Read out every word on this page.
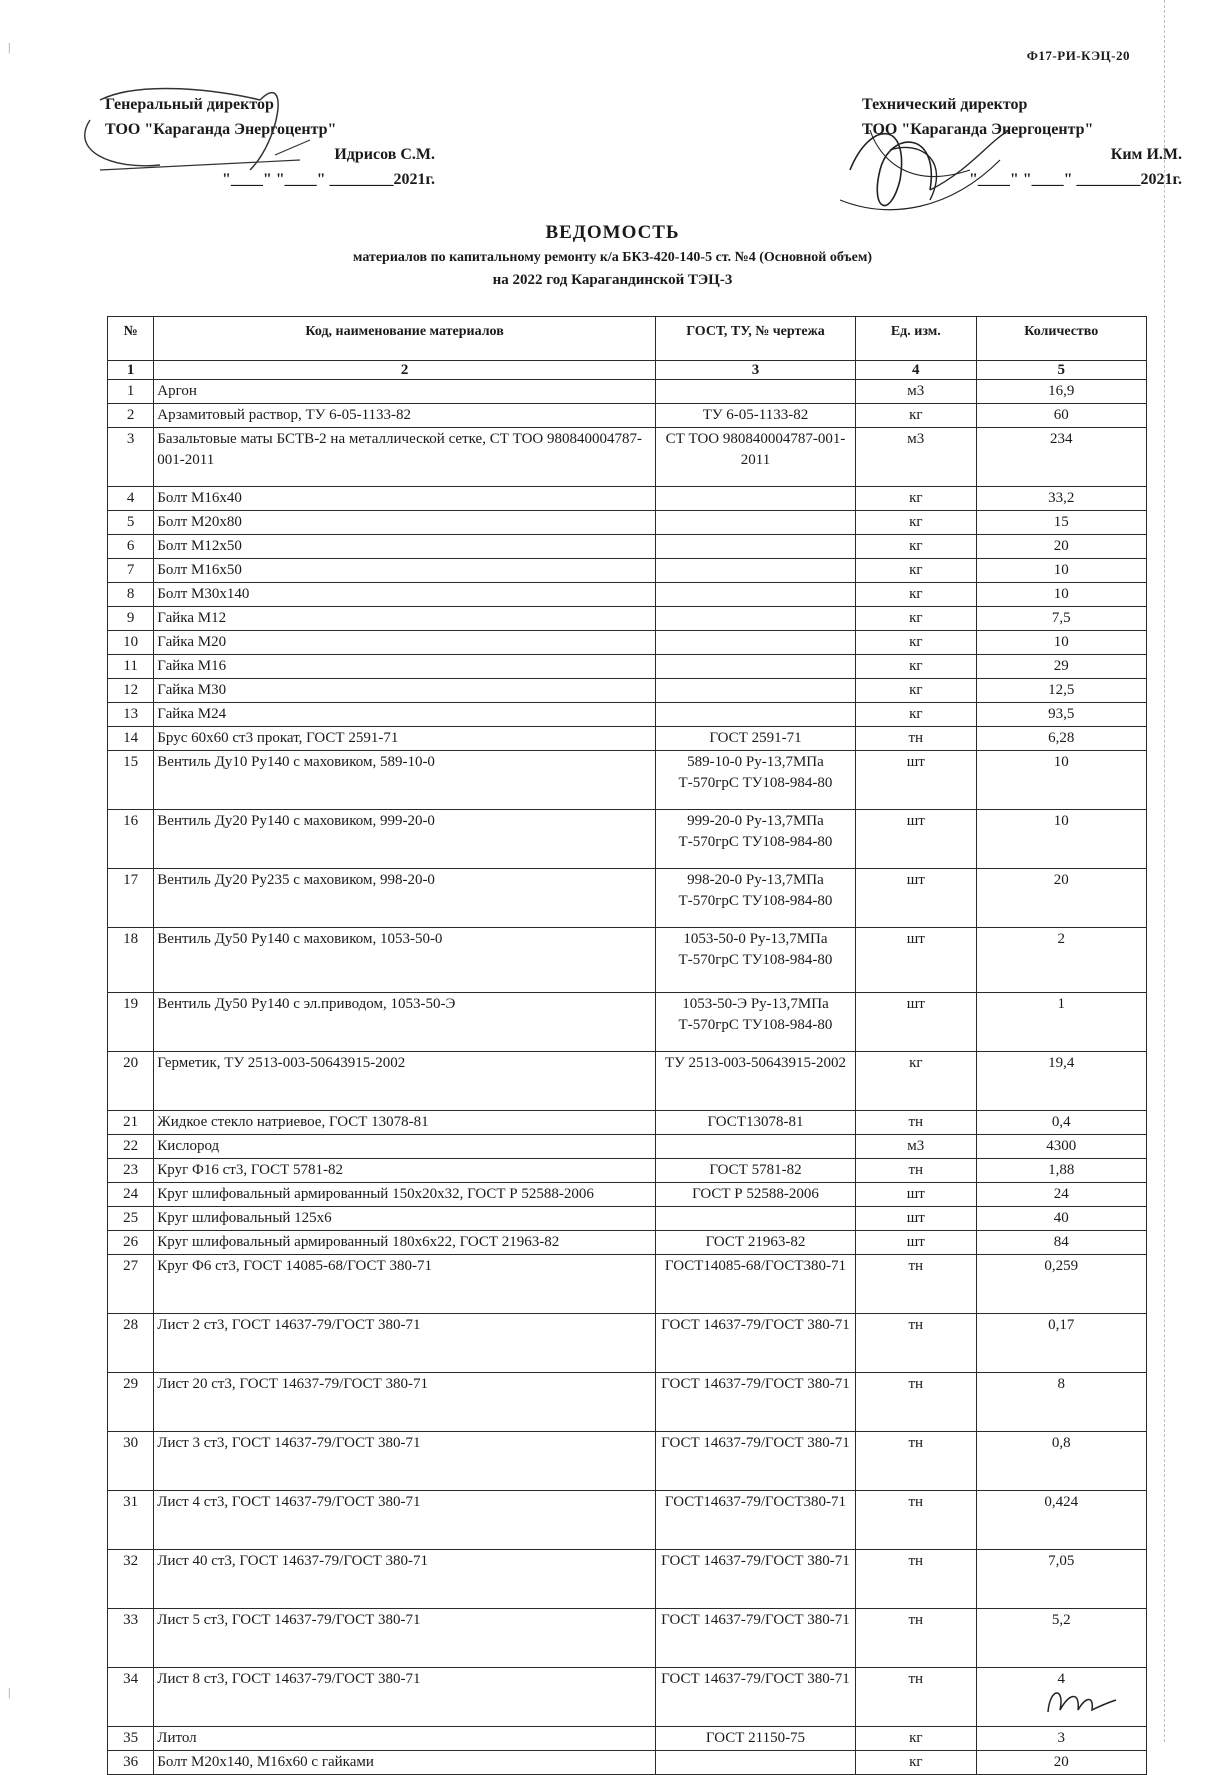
|
|
Ф17-РИ-КЭЦ-20
Генеральный директор
ТОО "Караганда Энергоцентр"
Идрисов С.М.
"____" "____" ________2021г.
Технический директор
ТОО "Караганда Энергоцентр"
Ким И.М.
"____" "____" ________2021г.
ВЕДОМОСТЬ
материалов по капитальному ремонту к/а БКЗ-420-140-5 ст. №4 (Основной объем)
на 2022 год Карагандинской ТЭЦ-3
№	Код, наименование материалов	ГОСТ, ТУ, № чертежа	Ед. изм.	Количество
1	2	3	4	5
1	Аргон		м3	16,9
2	Арзамитовый раствор, ТУ 6-05-1133-82	ТУ 6-05-1133-82	кг	60
3	Базальтовые маты БСТВ-2 на металлической сетке, СТ ТОО 980840004787-001-2011	СТ ТОО 980840004787-001-2011	м3	234
4	Болт М16х40		кг	33,2
5	Болт М20х80		кг	15
6	Болт М12х50		кг	20
7	Болт М16х50		кг	10
8	Болт М30х140		кг	10
9	Гайка М12		кг	7,5
10	Гайка М20		кг	10
11	Гайка М16		кг	29
12	Гайка М30		кг	12,5
13	Гайка М24		кг	93,5
14	Брус 60х60 ст3 прокат, ГОСТ 2591-71	ГОСТ 2591-71	тн	6,28
15	Вентиль Ду10 Ру140 с маховиком, 589-10-0	589-10-0 Ру-13,7МПа Т-570грС ТУ108-984-80	шт	10
16	Вентиль Ду20 Ру140 с маховиком, 999-20-0	999-20-0 Ру-13,7МПа Т-570грС ТУ108-984-80	шт	10
17	Вентиль Ду20 Ру235 с маховиком, 998-20-0	998-20-0 Ру-13,7МПа Т-570грС ТУ108-984-80	шт	20
18	Вентиль Ду50 Ру140 с маховиком, 1053-50-0	1053-50-0 Ру-13,7МПа Т-570грС ТУ108-984-80	шт	2
19	Вентиль Ду50 Ру140 с эл.приводом, 1053-50-Э	1053-50-Э Ру-13,7МПа Т-570грС ТУ108-984-80	шт	1
20	Герметик, ТУ 2513-003-50643915-2002	ТУ 2513-003-50643915-2002	кг	19,4
21	Жидкое стекло натриевое, ГОСТ 13078-81	ГОСТ13078-81	тн	0,4
22	Кислород		м3	4300
23	Круг Ф16 ст3, ГОСТ 5781-82	ГОСТ 5781-82	тн	1,88
24	Круг шлифовальный армированный 150х20х32, ГОСТ Р 52588-2006	ГОСТ Р 52588-2006	шт	24
25	Круг шлифовальный 125х6		шт	40
26	Круг шлифовальный армированный 180х6х22, ГОСТ 21963-82	ГОСТ 21963-82	шт	84
27	Круг Ф6 ст3, ГОСТ 14085-68/ГОСТ 380-71	ГОСТ14085-68/ГОСТ380-71	тн	0,259
28	Лист 2 ст3, ГОСТ 14637-79/ГОСТ 380-71	ГОСТ 14637-79/ГОСТ 380-71	тн	0,17
29	Лист 20 ст3, ГОСТ 14637-79/ГОСТ 380-71	ГОСТ 14637-79/ГОСТ 380-71	тн	8
30	Лист 3 ст3, ГОСТ 14637-79/ГОСТ 380-71	ГОСТ 14637-79/ГОСТ 380-71	тн	0,8
31	Лист 4 ст3, ГОСТ 14637-79/ГОСТ 380-71	ГОСТ14637-79/ГОСТ380-71	тн	0,424
32	Лист 40 ст3, ГОСТ 14637-79/ГОСТ 380-71	ГОСТ 14637-79/ГОСТ 380-71	тн	7,05
33	Лист 5 ст3, ГОСТ 14637-79/ГОСТ 380-71	ГОСТ 14637-79/ГОСТ 380-71	тн	5,2
34	Лист 8 ст3, ГОСТ 14637-79/ГОСТ 380-71	ГОСТ 14637-79/ГОСТ 380-71	тн	4
35	Литол	ГОСТ 21150-75	кг	3
36	Болт М20х140, М16х60 с гайками		кг	20
